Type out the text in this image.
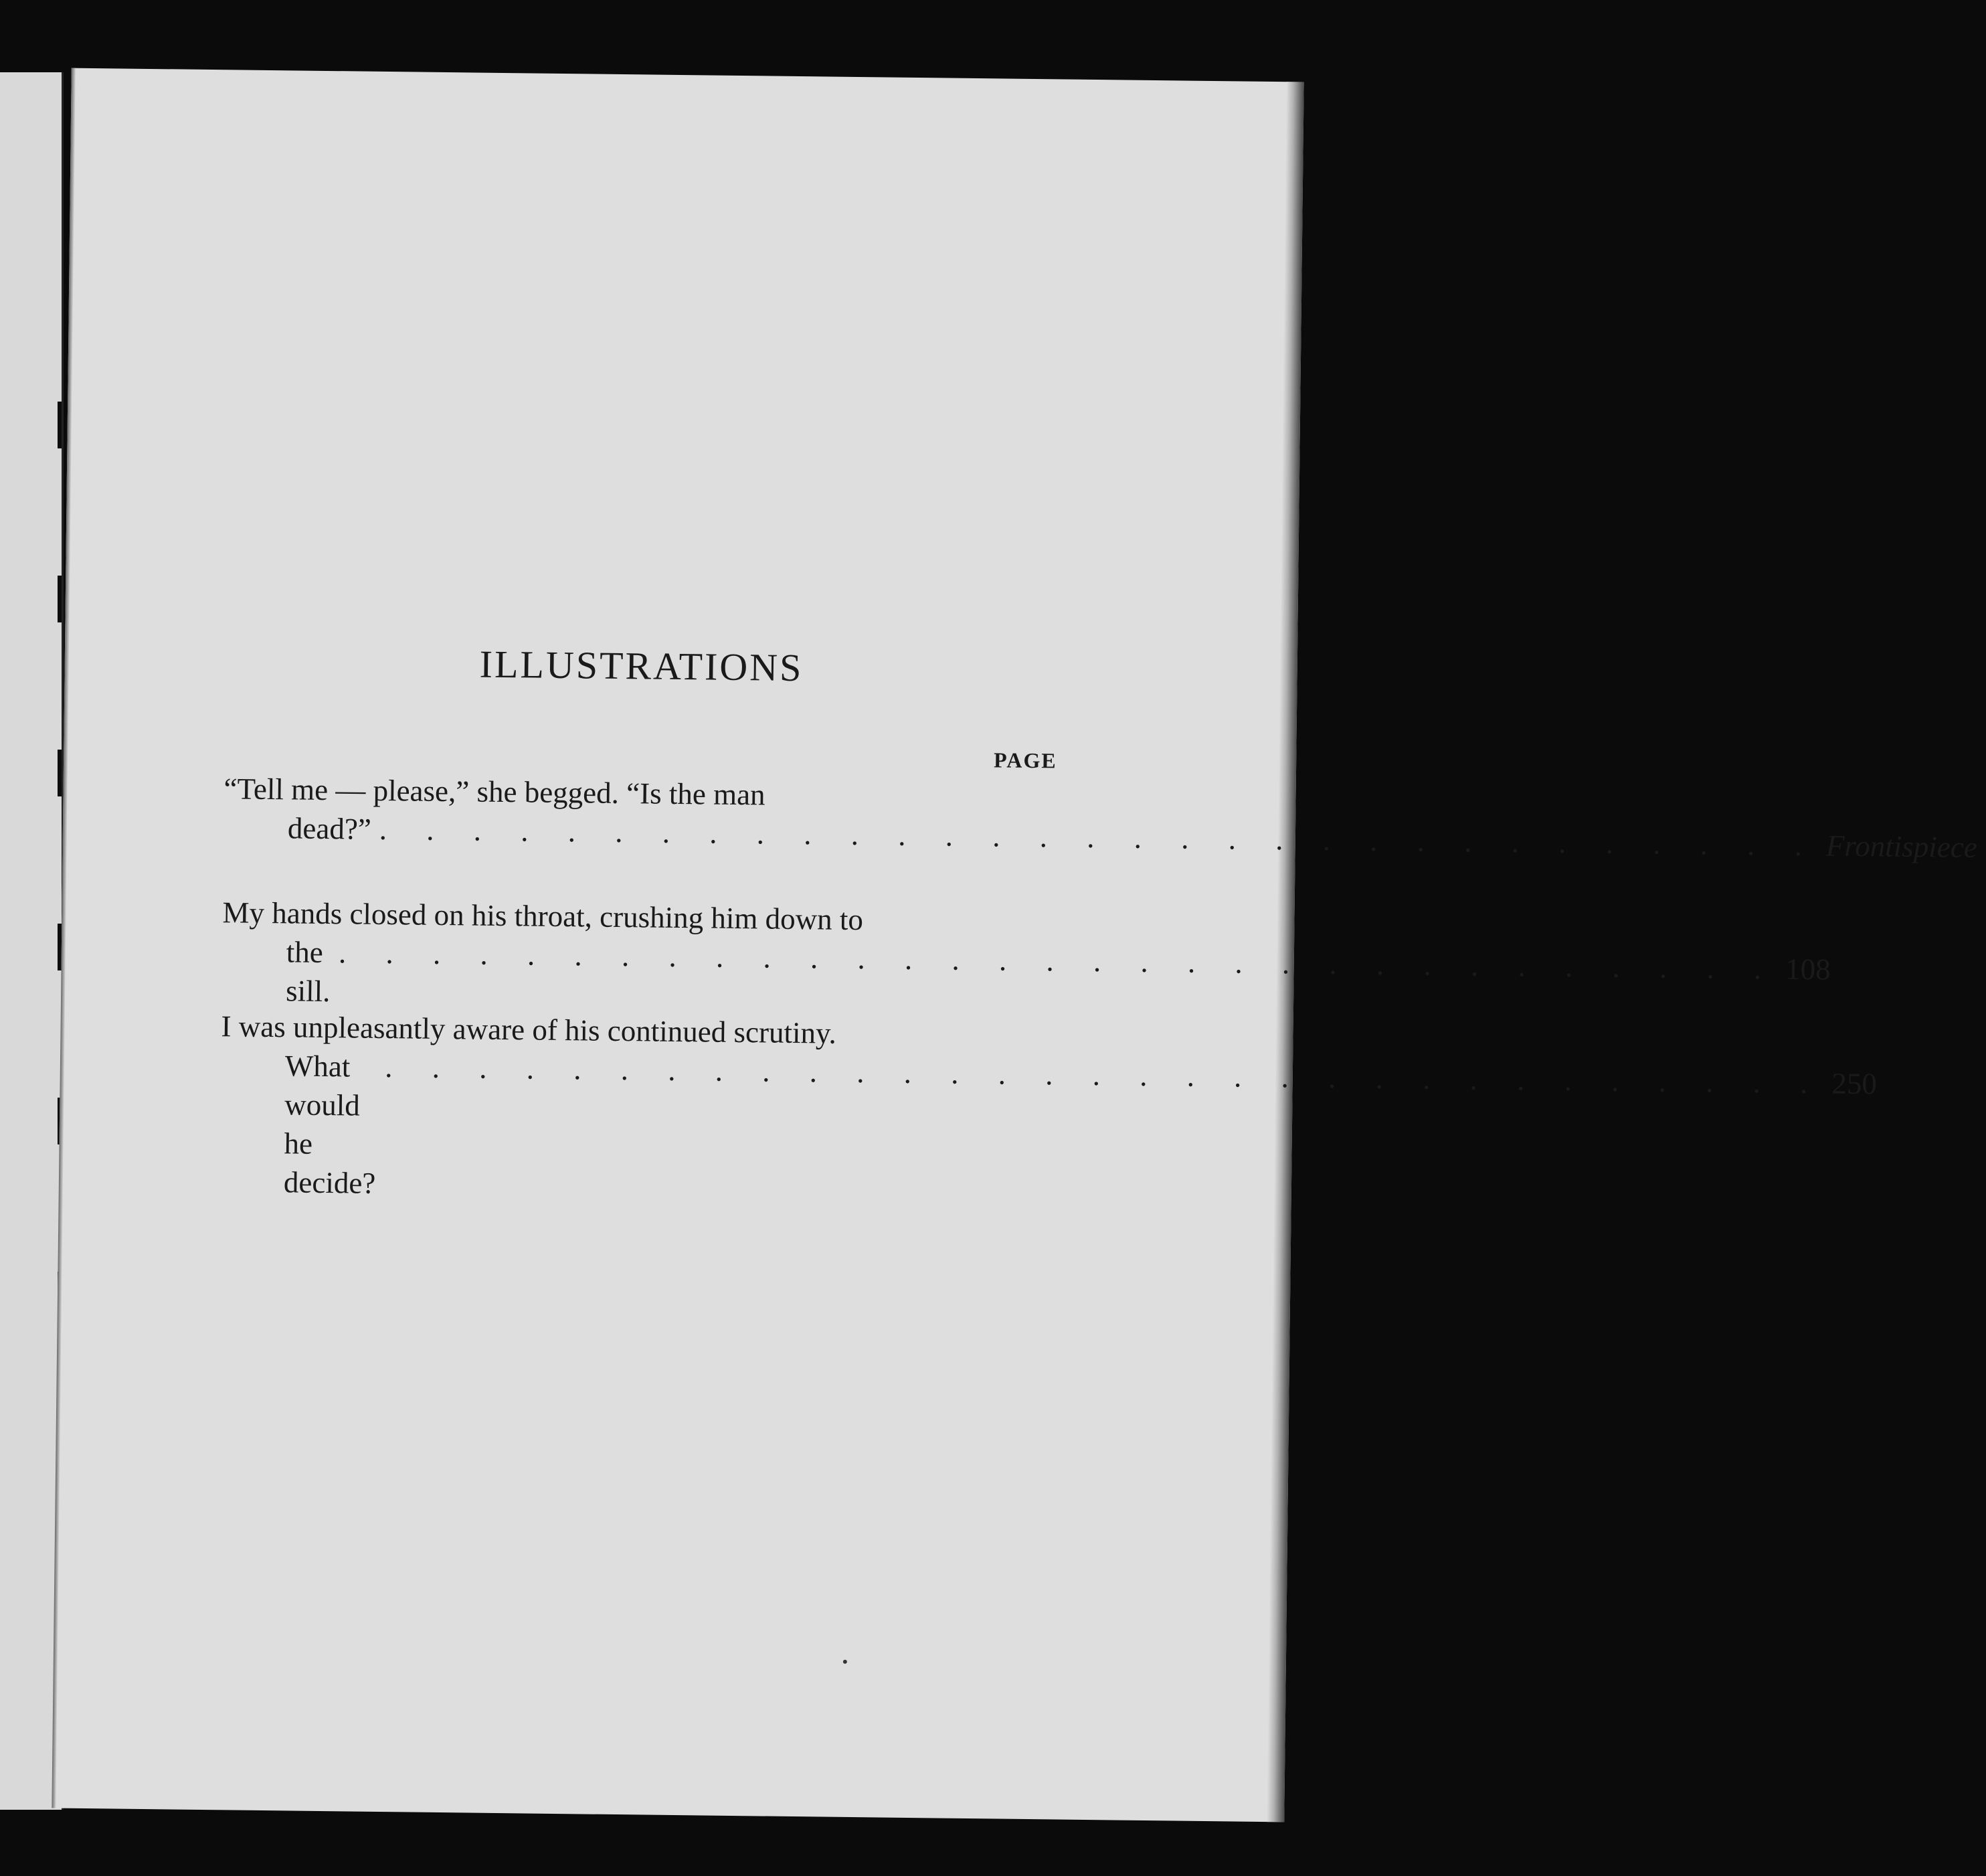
ILLUSTRATIONS
PAGE
“Tell me — please,” she begged. “Is the man
dead?” . . . . . . . . . . . . . . . . . . . . . . . . . . . . . . . Frontispiece
My hands closed on his throat, crushing him down to
the sill.
. . . . . . . . . . . . . . . . . . . . . . . . . . . . . . . 108
I was unpleasantly aware of his continued scrutiny.
What would he decide?
. . . . . . . . . . . . . . . . . . . . . . . . . . . . . . . 250
